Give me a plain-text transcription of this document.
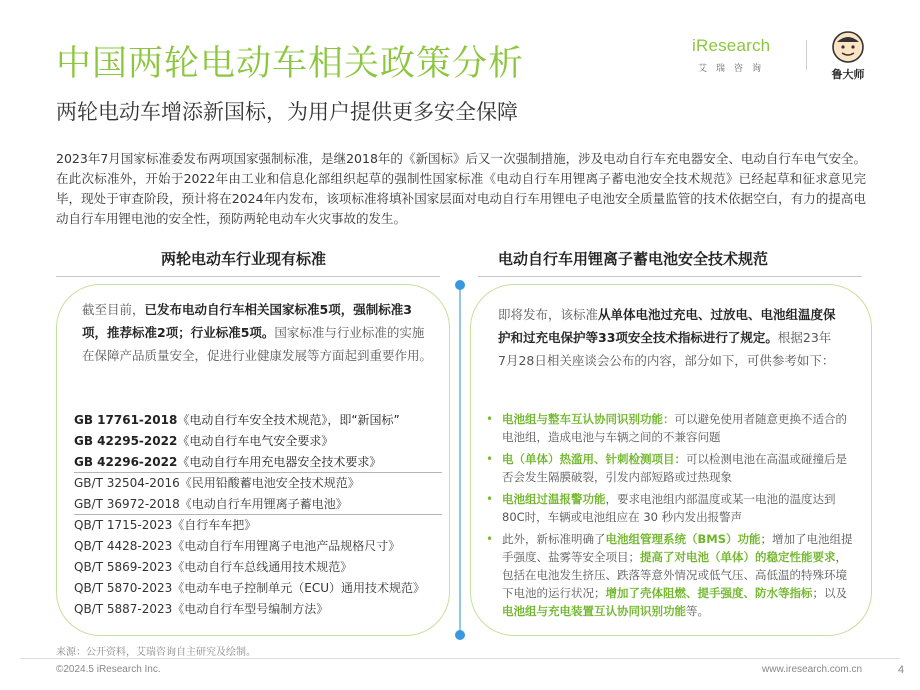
中国两轮电动车相关政策分析
两轮电动车增添新国标，为用户提供更多安全保障
iResearch
艾瑞咨询	鲁大师

2023年7月国家标准委发布两项国家强制标准，是继2018年的《新国标》后又一次强制措施，涉及电动自行车充电器安全、电动自行车电气安全。在此次标准外，开始于2022年由工业和信息化部组织起草的强制性国家标准《电动自行车用锂离子蓄电池安全技术规范》已经起草和征求意见完毕，现处于审查阶段，预计将在2024年内发布，该项标准将填补国家层面对电动自行车用锂电子电池安全质量监管的技术依据空白，有力的提高电动自行车用锂电池的安全性，预防两轮电动车火灾事故的发生。

两轮电动车行业现有标准	电动自行车用锂离子蓄电池安全技术规范

截至目前，已发布电动自行车相关国家标准5项，强制标准3项，推荐标准2项；行业标准5项。国家标准与行业标准的实施在保障产品质量安全，促进行业健康发展等方面起到重要作用。

GB 17761-2018《电动自行车安全技术规范》，即“新国标”
GB 42295-2022《电动自行车电气安全要求》
GB 42296-2022《电动自行车用充电器安全技术要求》
GB/T 32504-2016《民用铅酸蓄电池安全技术规范》
GB/T 36972-2018《电动自行车用锂离子蓄电池》
QB/T 1715-2023《自行车车把》
QB/T 4428-2023《电动自行车用锂离子电池产品规格尺寸》
QB/T 5869-2023《电动自行车总线通用技术规范》
QB/T 5870-2023《电动车电子控制单元（ECU）通用技术规范》
QB/T 5887-2023《电动自行车型号编制方法》

即将发布，该标准从单体电池过充电、过放电、电池组温度保护和过充电保护等33项安全技术指标进行了规定。根据23年7月28日相关座谈会公布的内容，部分如下，可供参考如下：

• 电池组与整车互认协同识别功能：可以避免使用者随意更换不适合的电池组，造成电池与车辆之间的不兼容问题
• 电（单体）热滥用、针刺检测项目：可以检测电池在高温或碰撞后是否会发生隔膜破裂，引发内部短路或过热现象
• 电池组过温报警功能，要求电池组内部温度或某一电池的温度达到 80C时，车辆或电池组应在 30 秒内发出报警声
• 此外，新标准明确了电池组管理系统（BMS）功能；增加了电池组提手强度、盐雾等安全项目；提高了对电池（单体）的稳定性能要求，包括在电池发生挤压、跌落等意外情况或低气压、高低温的特殊环境下电池的运行状况；增加了壳体阻燃、提手强度、防水等指标；以及电池组与充电装置互认协同识别功能等。
来源：公开资料，艾瑞咨询自主研究及绘制。
©2024.5 iResearch Inc.	www.iresearch.com.cn	4
